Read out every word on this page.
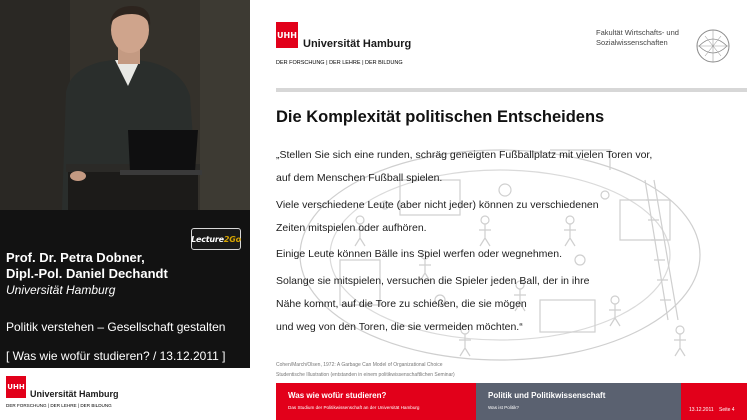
Lecture 2Go
Prof. Dr. Petra Dobner,
Dipl.-Pol. Daniel Dechandt
Universität Hamburg
Politik verstehen – Gesellschaft gestalten
[ Was wie wofür studieren? / 13.12.2011 ]
UHH
Universität Hamburg
DER FORSCHUNG | DER LEHRE | DER BILDUNG
UHH
Universität Hamburg
DER FORSCHUNG | DER LEHRE | DER BILDUNG
Fakultät Wirtschafts- und
Sozialwissenschaften
Die Komplexität politischen Entscheidens
„Stellen Sie sich eine runden, schräg geneigten Fußballplatz mit vielen Toren vor,
auf dem Menschen Fußball spielen.
Viele verschiedene Leute (aber nicht jeder) können zu verschiedenen
Zeiten mitspielen oder aufhören.
Einige Leute können Bälle ins Spiel werfen oder wegnehmen.
Solange sie mitspielen, versuchen die Spieler jeden Ball, der in ihre
Nähe kommt, auf die Tore zu schießen, die sie mögen
und weg von den Toren, die sie vermeiden möchten.“
Cohen/March/Olsen, 1972: A Garbage Can Model of Organizational Choice
Studentische Illustration (entstanden in einem politikwissenschaftlichen Seminar)
Was wie wofür studieren?
Das Studium der Politikwissenschaft an der Universität Hamburg
Politik und Politikwissenschaft
Was ist Politik?	13.12.2011 Seite 4
